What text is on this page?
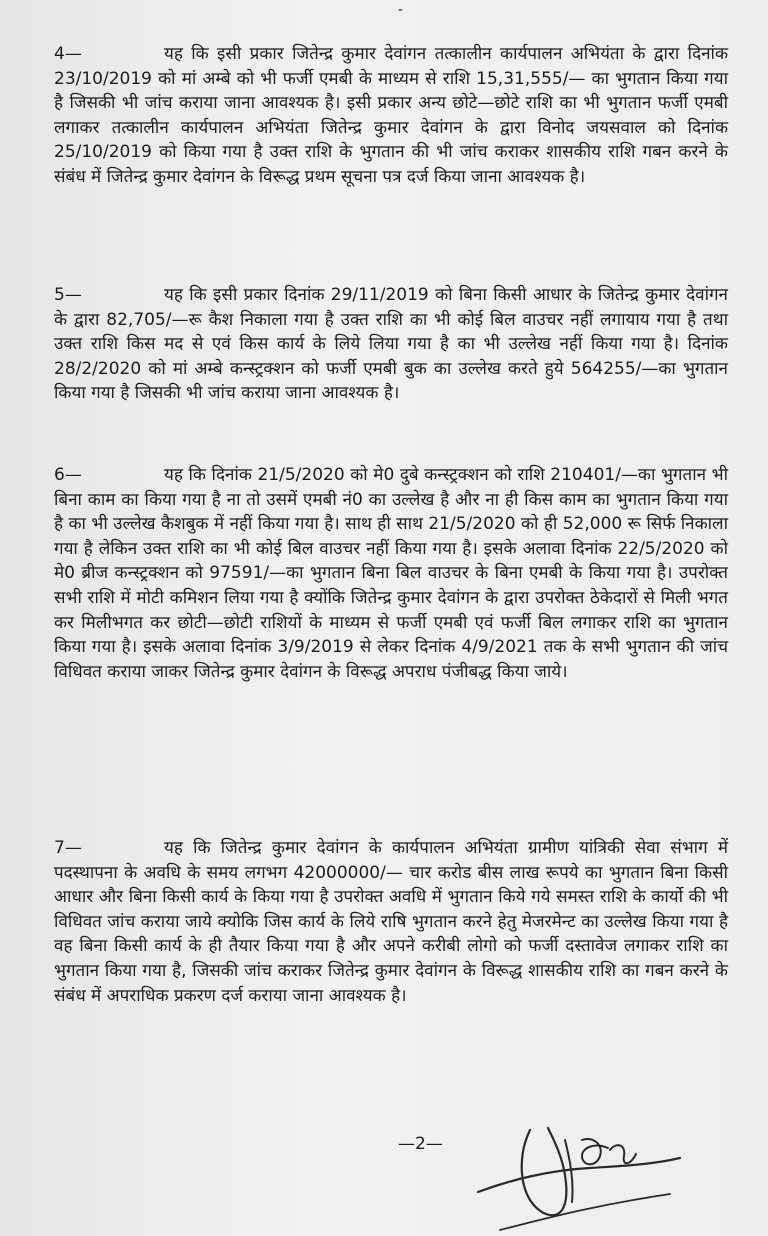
-
4—	यह कि इसी प्रकार जितेन्द्र कुमार देवांगन तत्कालीन कार्यपालन अभियंता के द्वारा दिनांक 23/10/2019 को मां अम्बे को भी फर्जी एमबी के माध्यम से राशि 15,31,555/— का भुगतान किया गया है जिसकी भी जांच कराया जाना आवश्यक है। इसी प्रकार अन्य छोटे—छोटे राशि का भी भुगतान फर्जी एमबी लगाकर तत्कालीन कार्यपालन अभियंता जितेन्द्र कुमार देवांगन के द्वारा विनोद जयसवाल को दिनांक 25/10/2019 को किया गया है उक्त राशि के भुगतान की भी जांच कराकर शासकीय राशि गबन करने के संबंध में जितेन्द्र कुमार देवांगन के विरूद्ध प्रथम सूचना पत्र दर्ज किया जाना आवश्यक है।
5—	यह कि इसी प्रकार दिनांक 29/11/2019 को बिना किसी आधार के जितेन्द्र कुमार देवांगन के द्वारा 82,705/—रू कैश निकाला गया है उक्त राशि का भी कोई बिल वाउचर नहीं लगायाय गया है तथा उक्त राशि किस मद से एवं किस कार्य के लिये लिया गया है का भी उल्लेख नहीं किया गया है। दिनांक 28/2/2020 को मां अम्बे कन्स्ट्रक्शन को फर्जी एमबी बुक का उल्लेख करते हुये 564255/—का भुगतान किया गया है जिसकी भी जांच कराया जाना आवश्यक है।
6—	यह कि दिनांक 21/5/2020 को मे0 दुबे कन्स्ट्रक्शन को राशि 210401/—का भुगतान भी बिना काम का किया गया है ना तो उसमें एमबी नं0 का उल्लेख है और ना ही किस काम का भुगतान किया गया है का भी उल्लेख कैशबुक में नहीं किया गया है। साथ ही साथ 21/5/2020 को ही 52,000 रू सिर्फ निकाला गया है लेकिन उक्त राशि का भी कोई बिल वाउचर नहीं किया गया है। इसके अलावा दिनांक 22/5/2020 को मे0 ब्रीज कन्स्ट्रक्शन को 97591/—का भुगतान बिना बिल वाउचर के बिना एमबी के किया गया है। उपरोक्त सभी राशि में मोटी कमिशन लिया गया है क्योंकि जितेन्द्र कुमार देवांगन के द्वारा उपरोक्त ठेकेदारों से मिली भगत कर मिलीभगत कर छोटी—छोटी राशियों के माध्यम से फर्जी एमबी एवं फर्जी बिल लगाकर राशि का भुगतान किया गया है। इसके अलावा दिनांक 3/9/2019 से लेकर दिनांक 4/9/2021 तक के सभी भुगतान की जांच विधिवत कराया जाकर जितेन्द्र कुमार देवांगन के विरूद्ध अपराध पंजीबद्ध किया जाये।
7—	यह कि जितेन्द्र कुमार देवांगन के कार्यपालन अभियंता ग्रामीण यांत्रिकी सेवा संभाग में पदस्थापना के अवधि के समय लगभग 42000000/— चार करोड बीस लाख रूपये का भुगतान बिना किसी आधार और बिना किसी कार्य के किया गया है उपरोक्त अवधि में भुगतान किये गये समस्त राशि के कार्यो की भी विधिवत जांच कराया जाये क्योकि जिस कार्य के लिये राषि भुगतान करने हेतु मेजरमेन्ट का उल्लेख किया गया है वह बिना किसी कार्य के ही तैयार किया गया है और अपने करीबी लोगो को फर्जी दस्तावेज लगाकर राशि का भुगतान किया गया है, जिसकी जांच कराकर जितेन्द्र कुमार देवांगन के विरूद्ध शासकीय राशि का गबन करने के संबंध में अपराधिक प्रकरण दर्ज कराया जाना आवश्यक है।
—2—
